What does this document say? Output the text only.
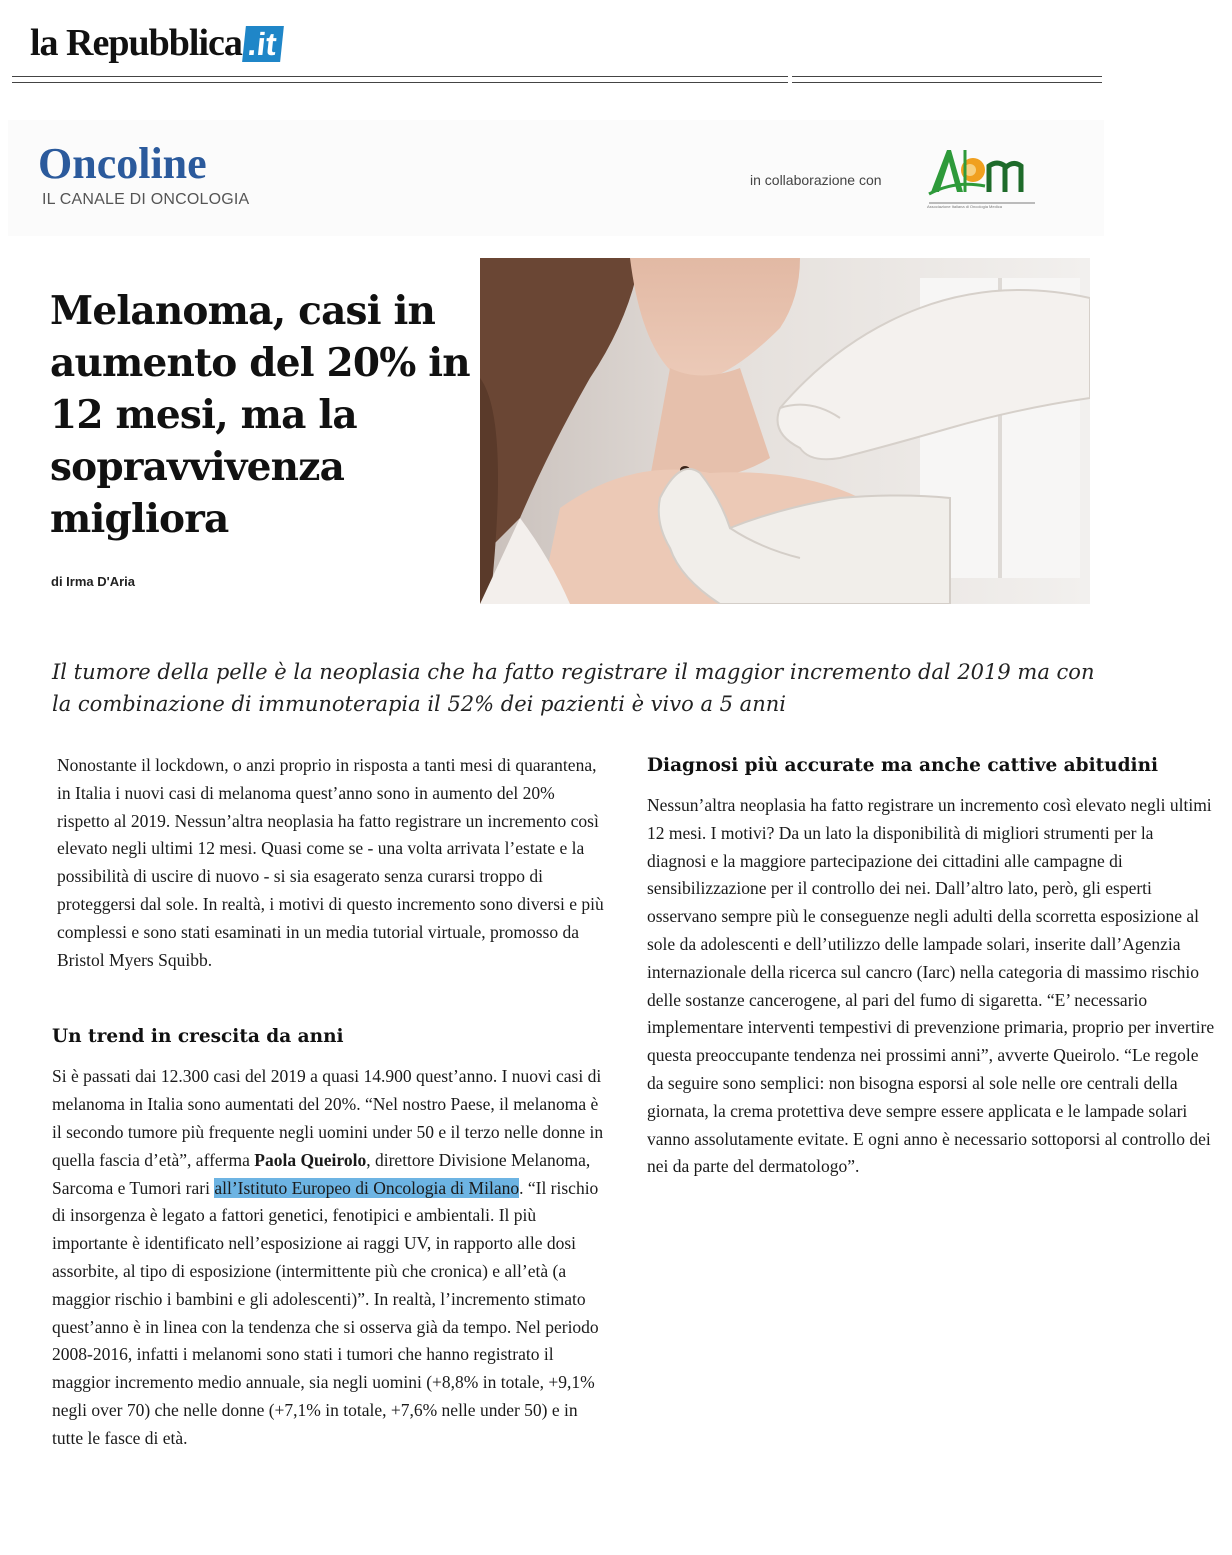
la Repubblica .it
Oncoline
IL CANALE DI ONCOLOGIA
in collaborazione con
Associazione Italiana di Oncologia Medica
Melanoma, casi in aumento del 20% in 12 mesi, ma la sopravvivenza migliora
di Irma D'Aria

Il tumore della pelle è la neoplasia che ha fatto registrare il maggior incremento dal 2019 ma con la combinazione di immunoterapia il 52% dei pazienti è vivo a 5 anni

Nonostante il lockdown, o anzi proprio in risposta a tanti mesi di quarantena, in Italia i nuovi casi di melanoma quest’anno sono in aumento del 20% rispetto al 2019. Nessun’altra neoplasia ha fatto registrare un incremento così elevato negli ultimi 12 mesi. Quasi come se - una volta arrivata l’estate e la possibilità di uscire di nuovo - si sia esagerato senza curarsi troppo di proteggersi dal sole. In realtà, i motivi di questo incremento sono diversi e più complessi e sono stati esaminati in un media tutorial virtuale, promosso da Bristol Myers Squibb.

Un trend in crescita da anni

Si è passati dai 12.300 casi del 2019 a quasi 14.900 quest’anno. I nuovi casi di melanoma in Italia sono aumentati del 20%. “Nel nostro Paese, il melanoma è il secondo tumore più frequente negli uomini under 50 e il terzo nelle donne in quella fascia d’età”, afferma Paola Queirolo, direttore Divisione Melanoma, Sarcoma e Tumori rari all’Istituto Europeo di Oncologia di Milano. “Il rischio di insorgenza è legato a fattori genetici, fenotipici e ambientali. Il più importante è identificato nell’esposizione ai raggi UV, in rapporto alle dosi assorbite, al tipo di esposizione (intermittente più che cronica) e all’età (a maggior rischio i bambini e gli adolescenti)”. In realtà, l’incremento stimato quest’anno è in linea con la tendenza che si osserva già da tempo. Nel periodo 2008-2016, infatti i melanomi sono stati i tumori che hanno registrato il maggior incremento medio annuale, sia negli uomini (+8,8% in totale, +9,1% negli over 70) che nelle donne (+7,1% in totale, +7,6% nelle under 50) e in tutte le fasce di età.

Diagnosi più accurate ma anche cattive abitudini

Nessun’altra neoplasia ha fatto registrare un incremento così elevato negli ultimi 12 mesi. I motivi? Da un lato la disponibilità di migliori strumenti per la diagnosi e la maggiore partecipazione dei cittadini alle campagne di sensibilizzazione per il controllo dei nei. Dall’altro lato, però, gli esperti osservano sempre più le conseguenze negli adulti della scorretta esposizione al sole da adolescenti e dell’utilizzo delle lampade solari, inserite dall’Agenzia internazionale della ricerca sul cancro (Iarc) nella categoria di massimo rischio delle sostanze cancerogene, al pari del fumo di sigaretta. “E’ necessario implementare interventi tempestivi di prevenzione primaria, proprio per invertire questa preoccupante tendenza nei prossimi anni”, avverte Queirolo. “Le regole da seguire sono semplici: non bisogna esporsi al sole nelle ore centrali della giornata, la crema protettiva deve sempre essere applicata e le lampade solari vanno assolutamente evitate. E ogni anno è necessario sottoporsi al controllo dei nei da parte del dermatologo”.
